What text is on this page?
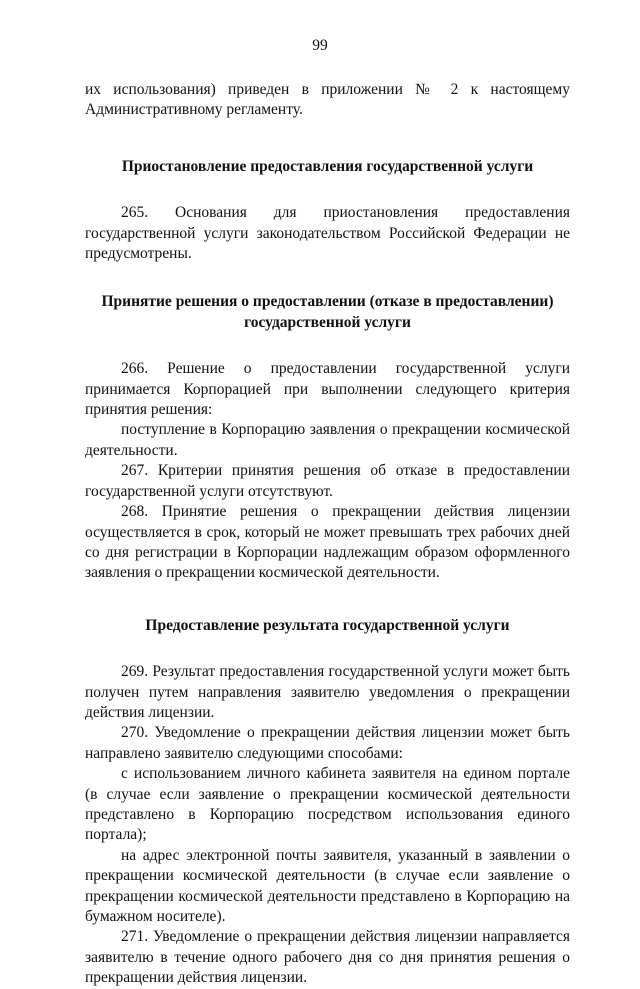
99

их использования) приведен в приложении № 2 к настоящему Административному регламенту.

Приостановление предоставления государственной услуги

265. Основания для приостановления предоставления государственной услуги законодательством Российской Федерации не предусмотрены.

Принятие решения о предоставлении (отказе в предоставлении) государственной услуги

266. Решение о предоставлении государственной услуги принимается Корпорацией при выполнении следующего критерия принятия решения:

поступление в Корпорацию заявления о прекращении космической деятельности.

267. Критерии принятия решения об отказе в предоставлении государственной услуги отсутствуют.

268. Принятие решения о прекращении действия лицензии осуществляется в срок, который не может превышать трех рабочих дней со дня регистрации в Корпорации надлежащим образом оформленного заявления о прекращении космической деятельности.

Предоставление результата государственной услуги

269. Результат предоставления государственной услуги может быть получен путем направления заявителю уведомления о прекращении действия лицензии.

270. Уведомление о прекращении действия лицензии может быть направлено заявителю следующими способами:

с использованием личного кабинета заявителя на едином портале (в случае если заявление о прекращении космической деятельности представлено в Корпорацию посредством использования единого портала);

на адрес электронной почты заявителя, указанный в заявлении о прекращении космической деятельности (в случае если заявление о прекращении космической деятельности представлено в Корпорацию на бумажном носителе).

271. Уведомление о прекращении действия лицензии направляется заявителю в течение одного рабочего дня со дня принятия решения о прекращении действия лицензии.
